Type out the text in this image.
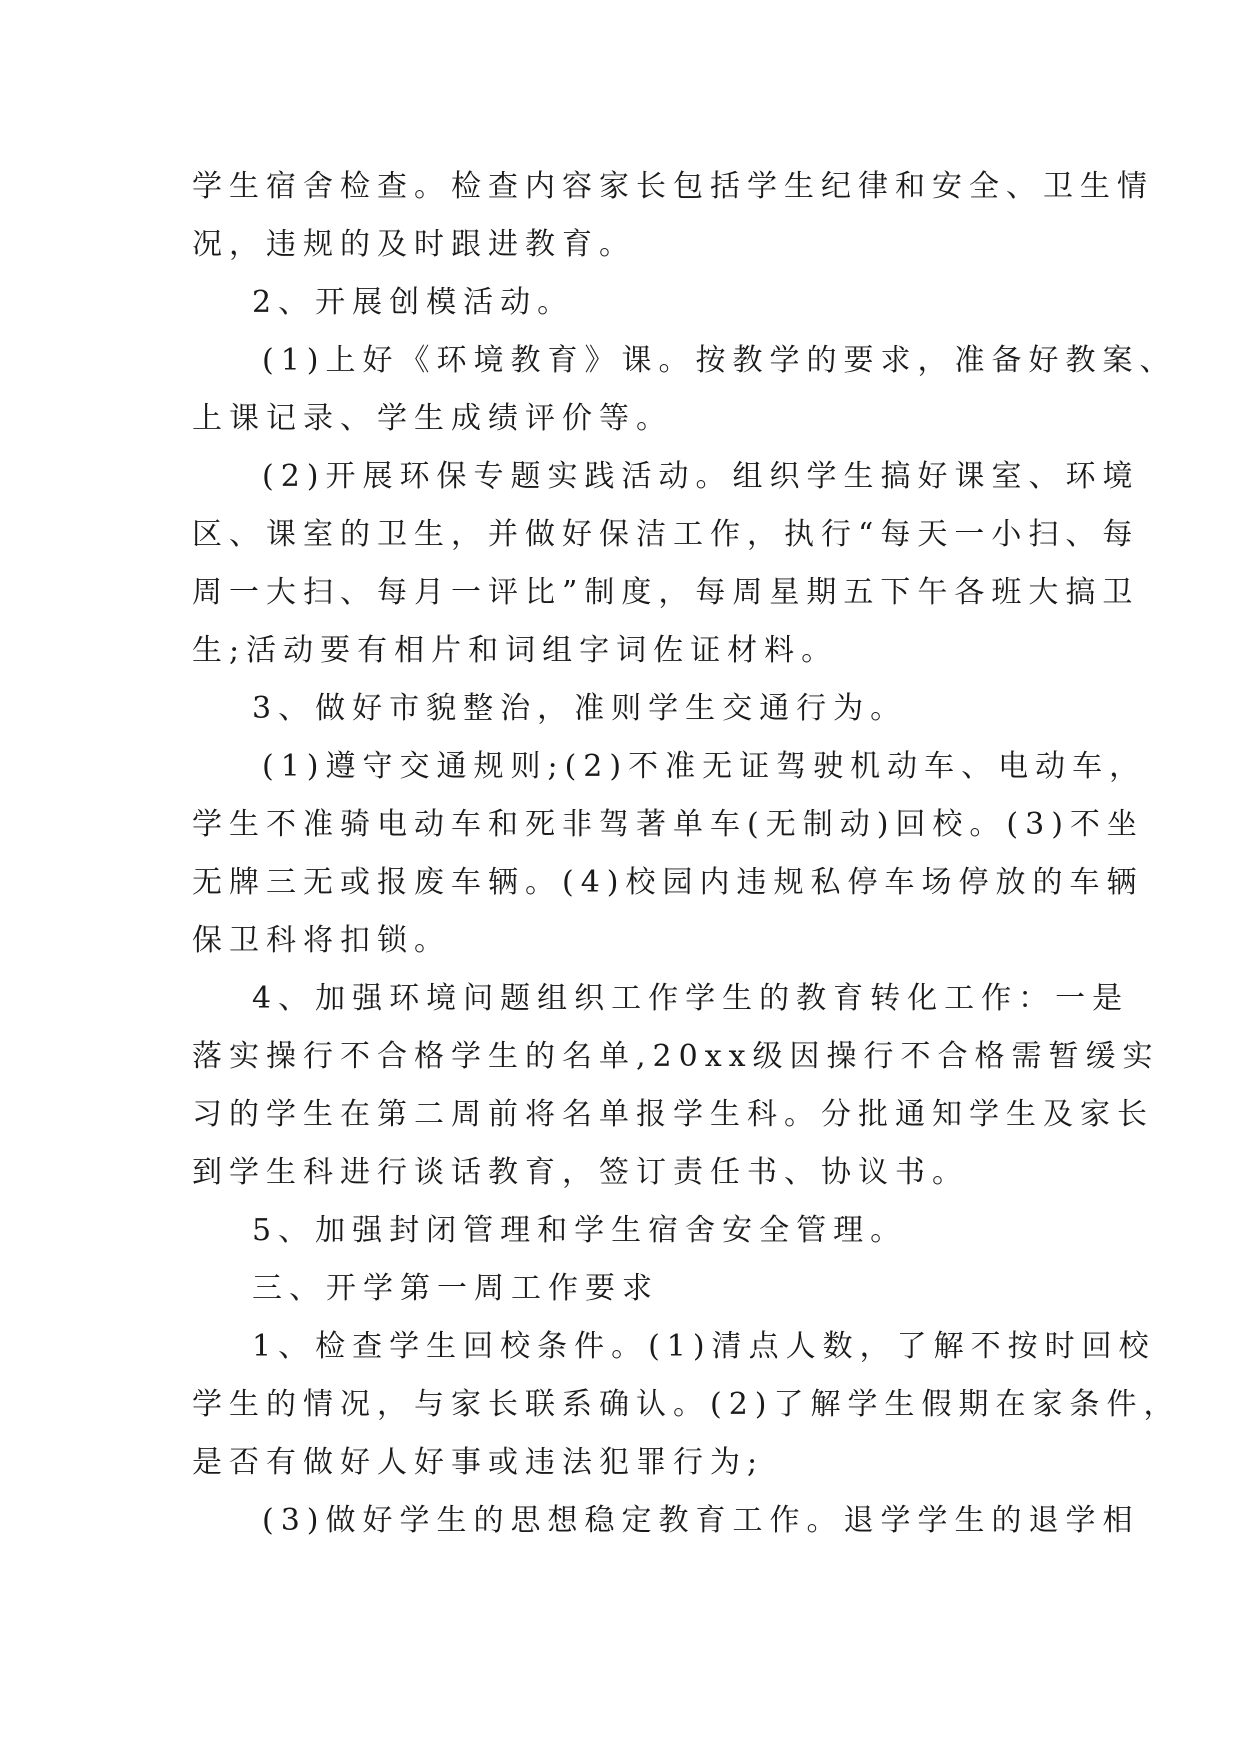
学生宿舍检查。检查内容家长包括学生纪律和安全、卫生情
况，违规的及时跟进教育。
2、开展创模活动。
(1)上好《环境教育》课。按教学的要求，准备好教案、
上课记录、学生成绩评价等。
(2)开展环保专题实践活动。组织学生搞好课室、环境
区、课室的卫生，并做好保洁工作，执行“每天一小扫、每
周一大扫、每月一评比”制度，每周星期五下午各班大搞卫
生;活动要有相片和词组字词佐证材料。
3、做好市貌整治，准则学生交通行为。
(1)遵守交通规则;(2)不准无证驾驶机动车、电动车，
学生不准骑电动车和死非驾著单车(无制动)回校。(3)不坐
无牌三无或报废车辆。(4)校园内违规私停车场停放的车辆
保卫科将扣锁。
4、加强环境问题组织工作学生的教育转化工作：一是
落实操行不合格学生的名单,20xx级因操行不合格需暂缓实
习的学生在第二周前将名单报学生科。分批通知学生及家长
到学生科进行谈话教育，签订责任书、协议书。
5、加强封闭管理和学生宿舍安全管理。
三、开学第一周工作要求
1、检查学生回校条件。(1)清点人数，了解不按时回校
学生的情况，与家长联系确认。(2)了解学生假期在家条件，
是否有做好人好事或违法犯罪行为;
(3)做好学生的思想稳定教育工作。退学学生的退学相
